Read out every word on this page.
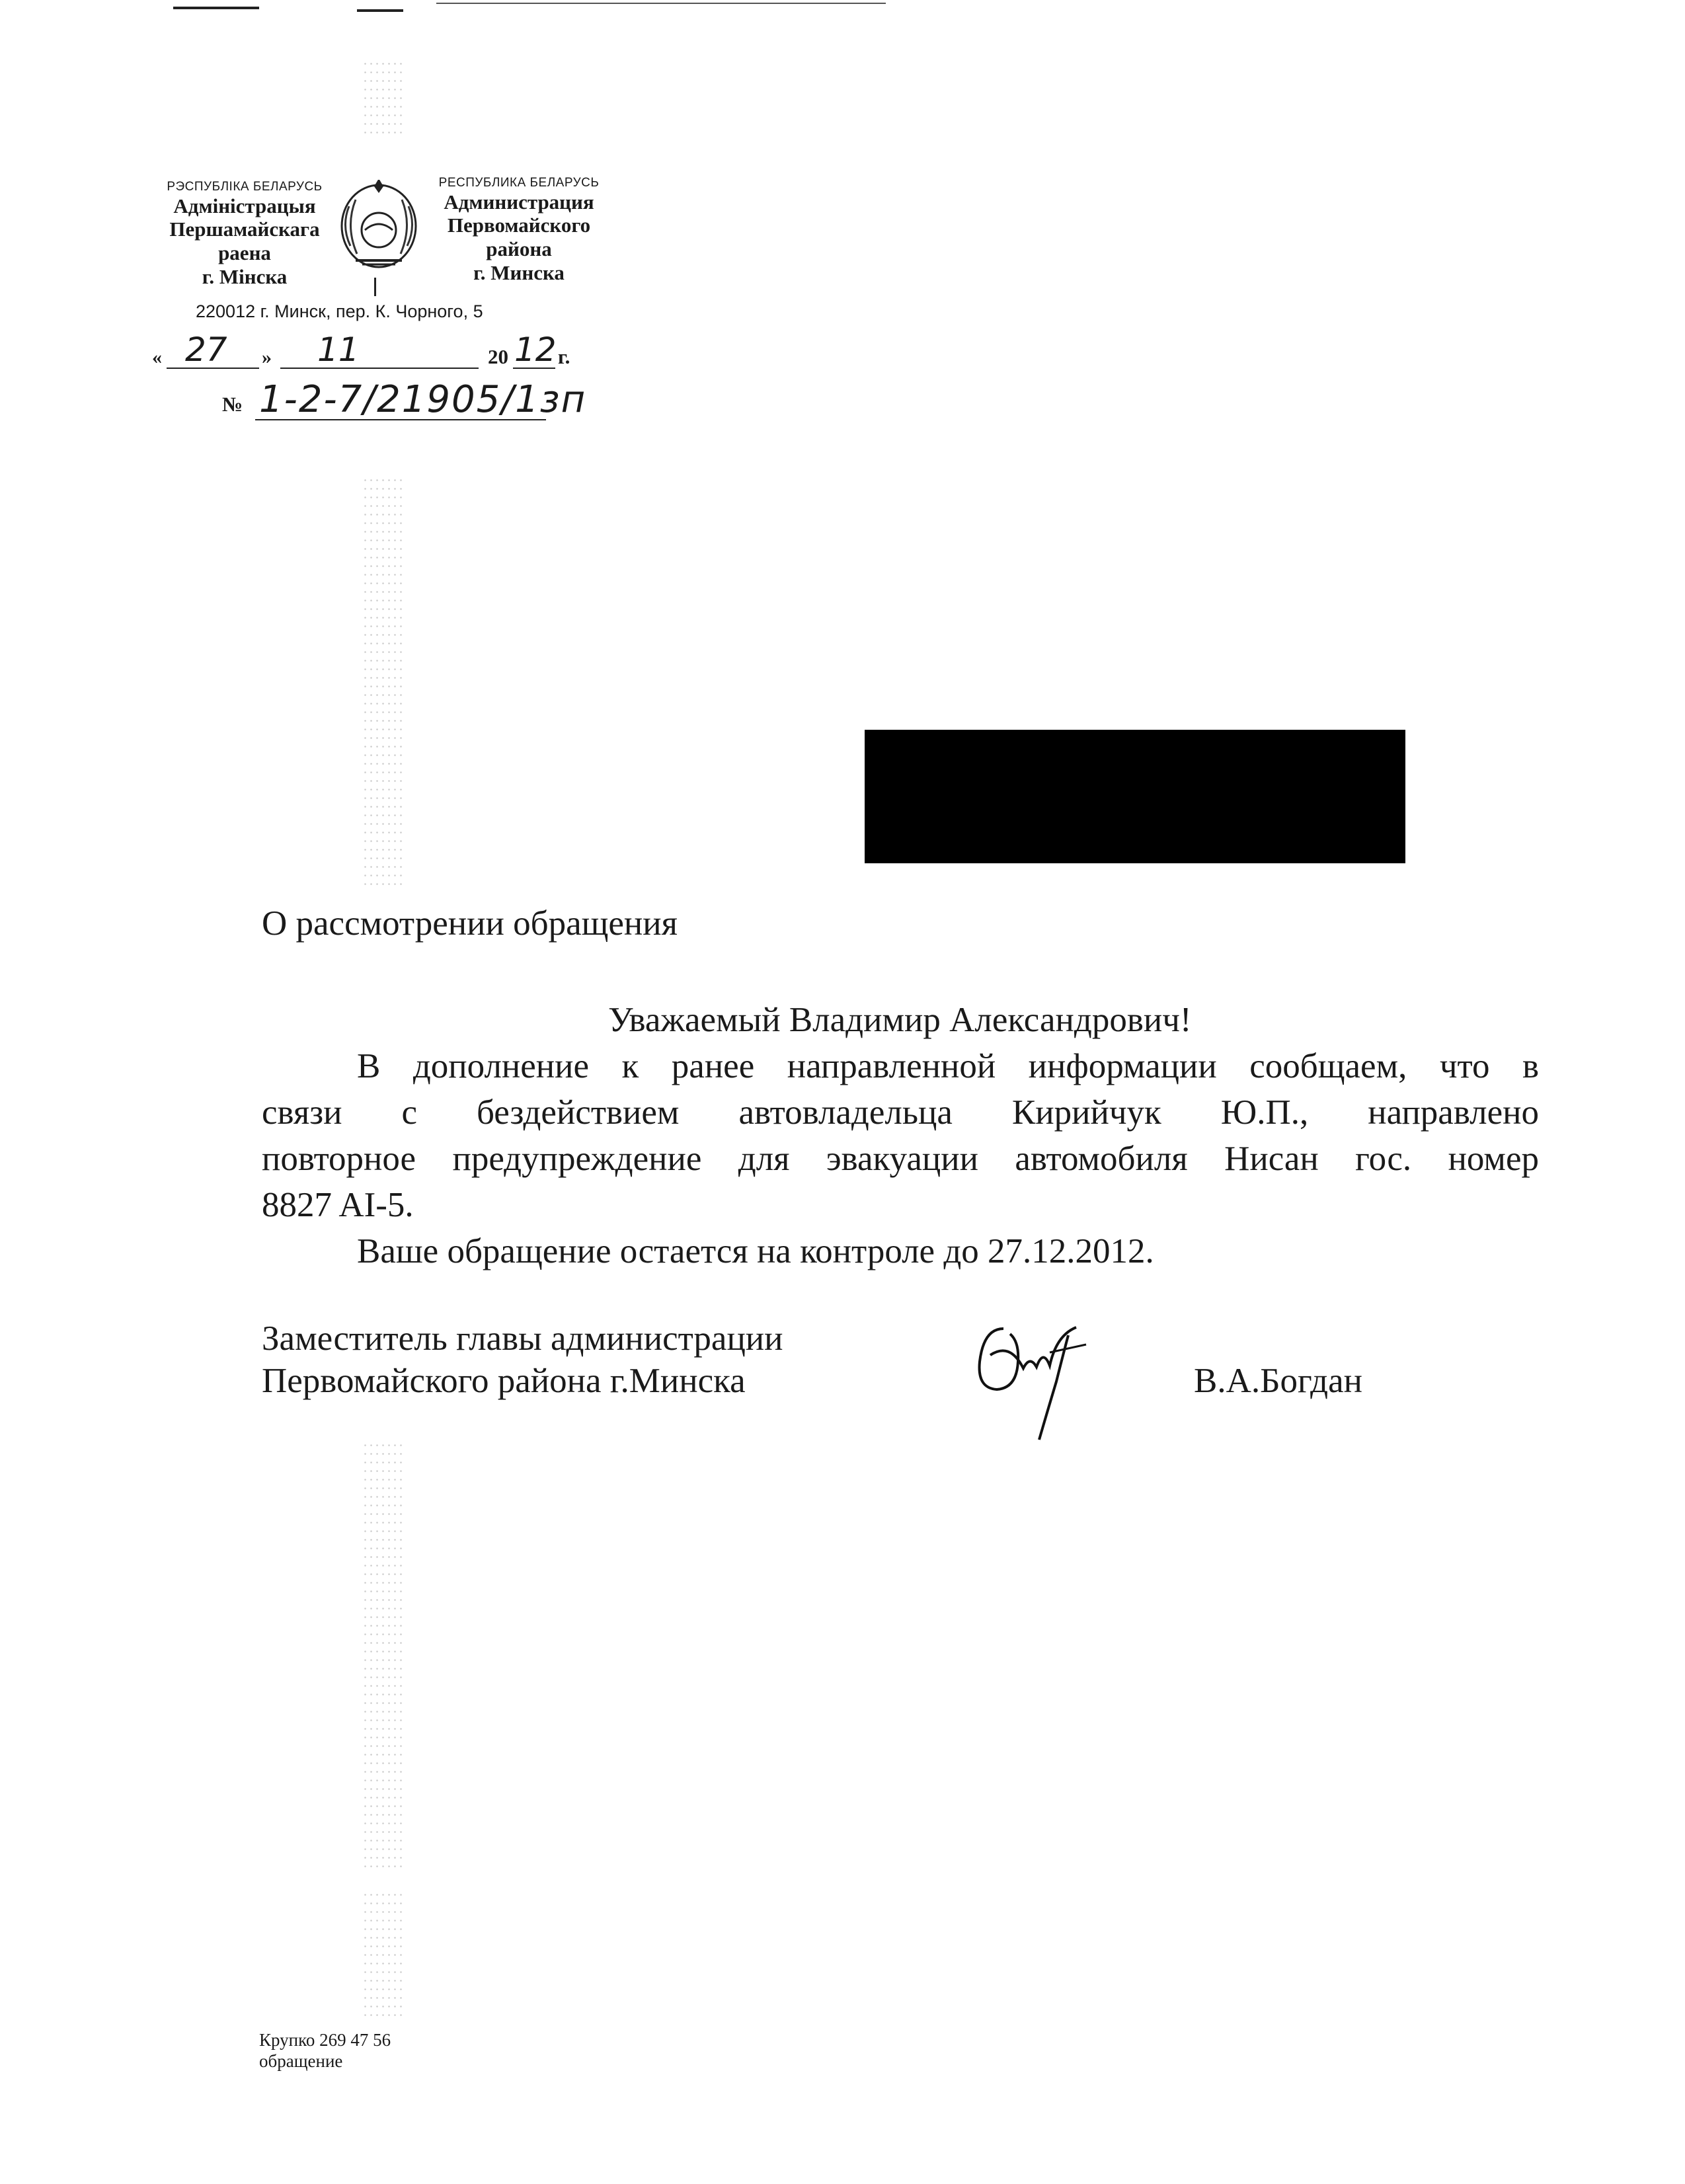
РЭСПУБЛІКА БЕЛАРУСЬ
Адміністрацыя
Першамайскага
раена
г. Мінска
РЕСПУБЛИКА БЕЛАРУСЬ
Администрация
Первомайского
района
г. Минска
220012 г. Минск, пер. К. Чорного, 5
« 27 » 11	20 12 г.
№ 1-2-7/21905/1зп
О рассмотрении обращения
Уважаемый Владимир Александрович!
В дополнение к ранее направленной информации сообщаем, что в
связи с бездействием автовладельца Кирийчук Ю.П., направлено
повторное предупреждение для эвакуации автомобиля Нисан гос. номер
8827 AI-5.
Ваше обращение остается на контроле до 27.12.2012.
Заместитель главы администрации
Первомайского района г.Минска	В.А.Богдан
Крупко 269 47 56
обращение
